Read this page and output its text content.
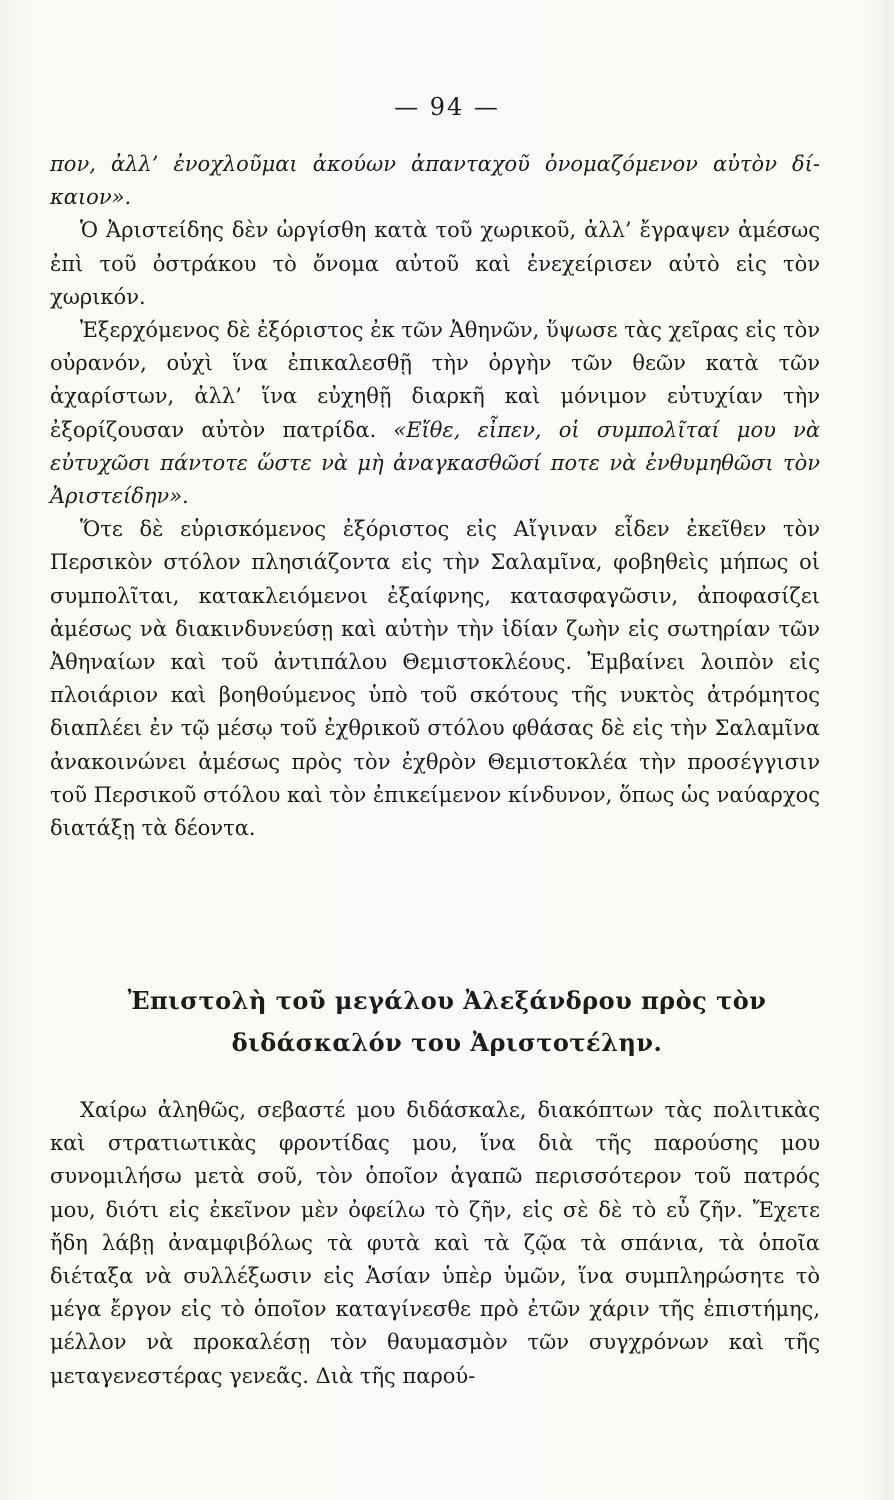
— 94 —

πον, ἀλλ’ ἐνοχλοῦμαι ἀκούων ἀπανταχοῦ ὀνομαζόμενον αὐτὸν δί-καιον».

Ὁ Ἀριστείδης δὲν ὠργίσθη κατὰ τοῦ χωρικοῦ, ἀλλ’ ἔγραψεν ἀμέσως ἐπὶ τοῦ ὀστράκου τὸ ὄνομα αὐτοῦ καὶ ἐνεχείρισεν αὐτὸ εἰς τὸν χωρικόν.

Ἐξερχόμενος δὲ ἐξόριστος ἐκ τῶν Ἀθηνῶν, ὕψωσε τὰς χεῖρας εἰς τὸν οὐρανόν, οὐχὶ ἵνα ἐπικαλεσθῇ τὴν ὀργὴν τῶν θεῶν κατὰ τῶν ἀχαρίστων, ἀλλ’ ἵνα εὐχηθῇ διαρκῆ καὶ μόνιμον εὐτυχίαν τὴν ἐξορίζουσαν αὐτὸν πατρίδα. «Εἴθε, εἶπεν, οἱ συμπολῖταί μου νὰ εὐτυχῶσι πάντοτε ὥστε νὰ μὴ ἀναγκασθῶσί ποτε νὰ ἐνθυμηθῶσι τὸν Ἀριστείδην».

Ὅτε δὲ εὑρισκόμενος ἐξόριστος εἰς Αἴγιναν εἶδεν ἐκεῖθεν τὸν Περσικὸν στόλον πλησιάζοντα εἰς τὴν Σαλαμῖνα, φοβηθεὶς μήπως οἱ συμπολῖται, κατακλειόμενοι ἐξαίφνης, κατασφαγῶσιν, ἀποφασίζει ἀμέσως νὰ διακινδυνεύσῃ καὶ αὐτὴν τὴν ἰδίαν ζωὴν εἰς σωτηρίαν τῶν Ἀθηναίων καὶ τοῦ ἀντιπάλου Θεμιστοκλέους. Ἐμβαίνει λοιπὸν εἰς πλοιάριον καὶ βοηθούμενος ὑπὸ τοῦ σκότους τῆς νυκτὸς ἀτρόμητος διαπλέει ἐν τῷ μέσῳ τοῦ ἐχθρικοῦ στόλου φθάσας δὲ εἰς τὴν Σαλαμῖνα ἀνακοινώνει ἀμέσως πρὸς τὸν ἐχθρὸν Θεμιστοκλέα τὴν προσέγγισιν τοῦ Περσικοῦ στόλου καὶ τὸν ἐπικείμενον κίνδυνον, ὅπως ὡς ναύαρχος διατάξῃ τὰ δέοντα.

Ἐπιστολὴ τοῦ μεγάλου Ἀλεξάνδρου πρὸς τὸν διδάσκαλόν του Ἀριστοτέλην.

Χαίρω ἀληθῶς, σεβαστέ μου διδάσκαλε, διακόπτων τὰς πολιτικὰς καὶ στρατιωτικὰς φροντίδας μου, ἵνα διὰ τῆς παρούσης μου συνομιλήσω μετὰ σοῦ, τὸν ὁποῖον ἀγαπῶ περισσότερον τοῦ πατρός μου, διότι εἰς ἐκεῖνον μὲν ὀφείλω τὸ ζῆν, εἰς σὲ δὲ τὸ εὖ ζῆν. Ἔχετε ἤδη λάβῃ ἀναμφιβόλως τὰ φυτὰ καὶ τὰ ζῷα τὰ σπάνια, τὰ ὁποῖα διέταξα νὰ συλλέξωσιν εἰς Ἀσίαν ὑπὲρ ὑμῶν, ἵνα συμπληρώσητε τὸ μέγα ἔργον εἰς τὸ ὁποῖον καταγίνεσθε πρὸ ἐτῶν χάριν τῆς ἐπιστήμης, μέλλον νὰ προκαλέσῃ τὸν θαυμασμὸν τῶν συγχρόνων καὶ τῆς μεταγενεστέρας γενεᾶς. Διὰ τῆς παρού-
